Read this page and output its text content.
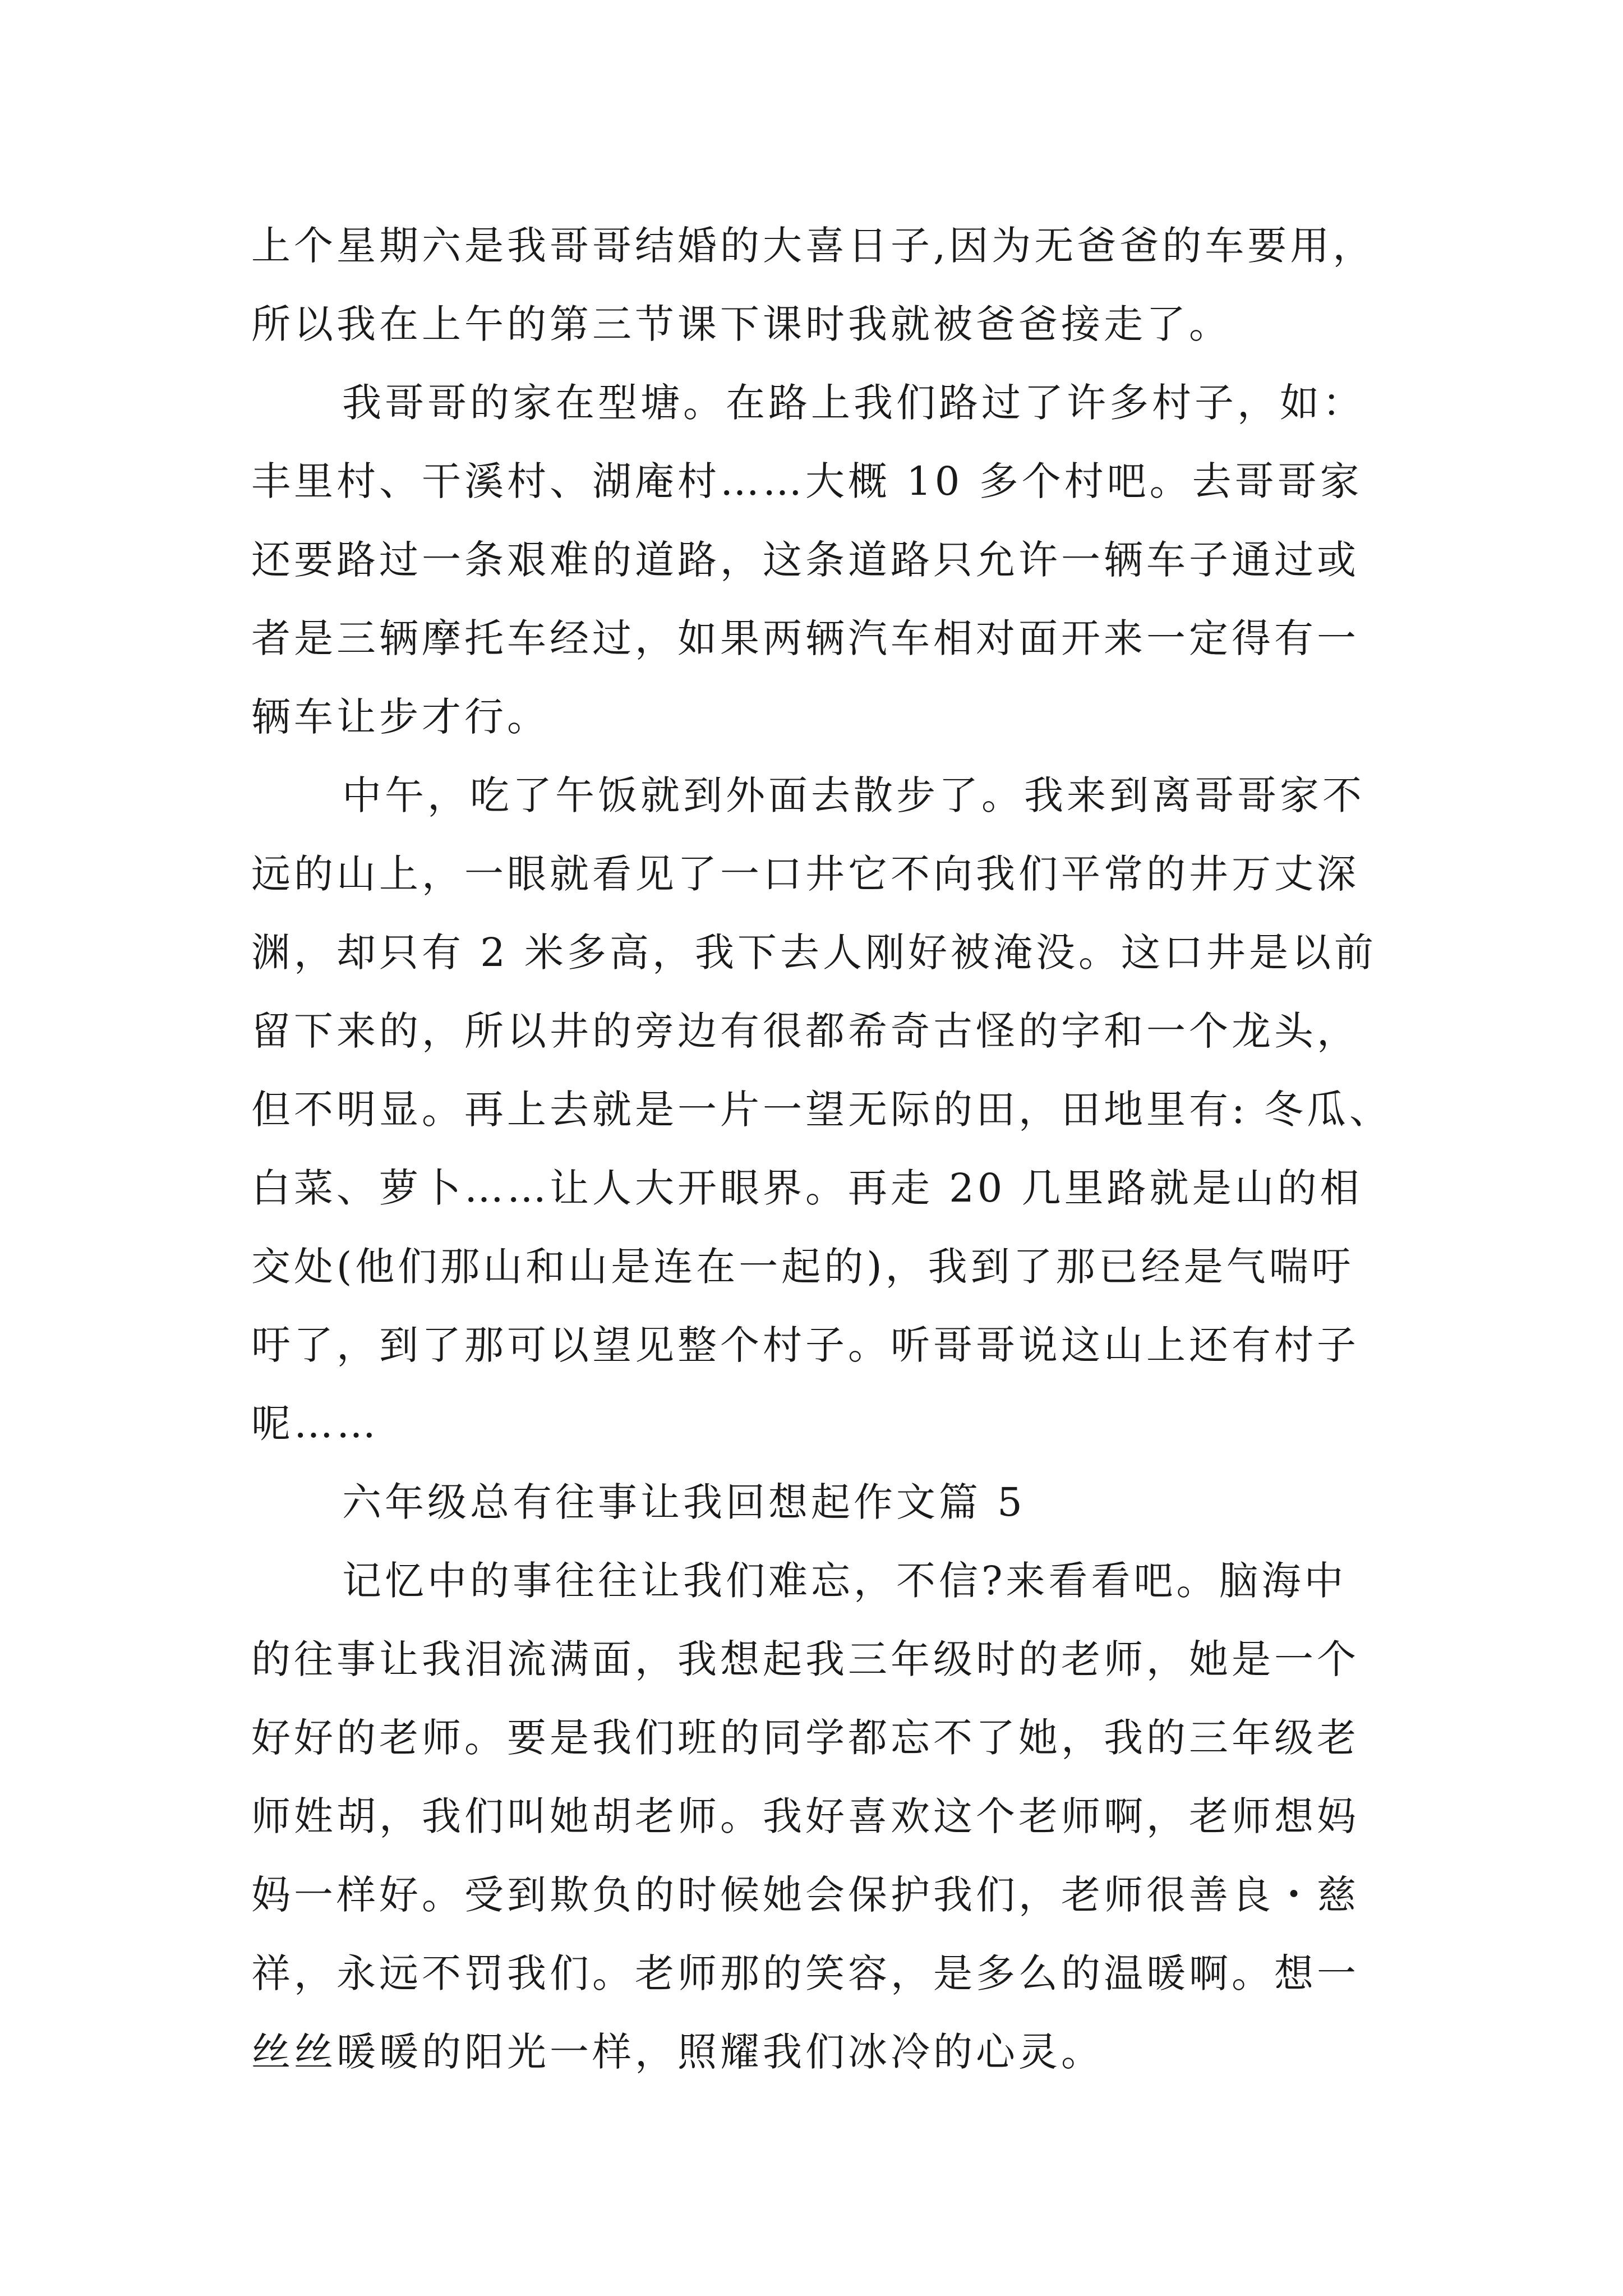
上个星期六是我哥哥结婚的大喜日子,因为无爸爸的车要用，
所以我在上午的第三节课下课时我就被爸爸接走了。
我哥哥的家在型塘。在路上我们路过了许多村子，如：
丰里村、干溪村、湖庵村……大概 10 多个村吧。去哥哥家
还要路过一条艰难的道路，这条道路只允许一辆车子通过或
者是三辆摩托车经过，如果两辆汽车相对面开来一定得有一
辆车让步才行。
中午，吃了午饭就到外面去散步了。我来到离哥哥家不
远的山上，一眼就看见了一口井它不向我们平常的井万丈深
渊，却只有 2 米多高，我下去人刚好被淹没。这口井是以前
留下来的，所以井的旁边有很都希奇古怪的字和一个龙头，
但不明显。再上去就是一片一望无际的田，田地里有: 冬瓜、
白菜、萝卜……让人大开眼界。再走 20 几里路就是山的相
交处(他们那山和山是连在一起的)，我到了那已经是气喘吁
吁了，到了那可以望见整个村子。听哥哥说这山上还有村子
呢……
六年级总有往事让我回想起作文篇 5
记忆中的事往往让我们难忘，不信?来看看吧。脑海中
的往事让我泪流满面，我想起我三年级时的老师，她是一个
好好的老师。要是我们班的同学都忘不了她，我的三年级老
师姓胡，我们叫她胡老师。我好喜欢这个老师啊，老师想妈
妈一样好。受到欺负的时候她会保护我们，老师很善良・慈
祥，永远不罚我们。老师那的笑容，是多么的温暖啊。想一
丝丝暖暖的阳光一样，照耀我们冰冷的心灵。
